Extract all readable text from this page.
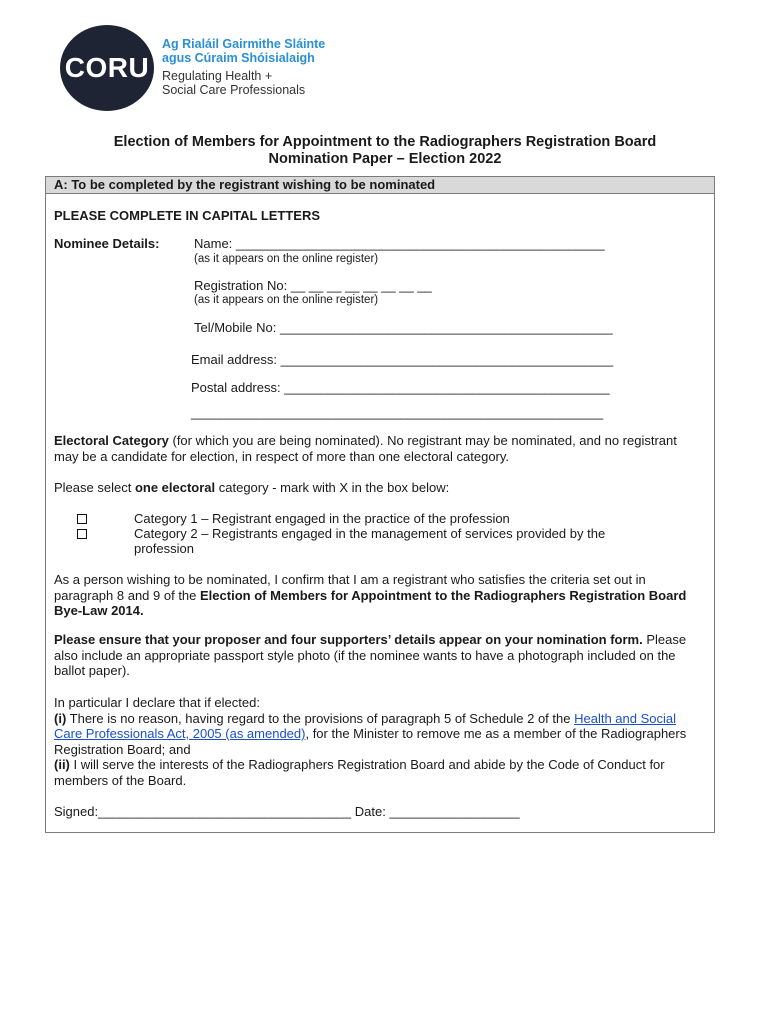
CORU
Ag Rialáil Gairmithe Sláinte
agus Cúraim Shóisialaigh
Regulating Health +
Social Care Professionals
Election of Members for Appointment to the Radiographers Registration Board
Nomination Paper – Election 2022
A: To be completed by the registrant wishing to be nominated
PLEASE COMPLETE IN CAPITAL LETTERS
Nominee Details:	Name: ___________________________________________________
(as it appears on the online register)
Registration No: __ __ __ __ __ __ __ __
(as it appears on the online register)
Tel/Mobile No: ______________________________________________
Email address: ______________________________________________
Postal address: _____________________________________________
_________________________________________________________
Electoral Category (for which you are being nominated). No registrant may be nominated, and no registrant may be a candidate for election, in respect of more than one electoral category.
Please select one electoral category - mark with X in the box below:
Category 1 – Registrant engaged in the practice of the profession
Category 2 – Registrants engaged in the management of services provided by the
profession
As a person wishing to be nominated, I confirm that I am a registrant who satisfies the criteria set out in paragraph 8 and 9 of the Election of Members for Appointment to the Radiographers Registration Board Bye-Law 2014.
Please ensure that your proposer and four supporters’ details appear on your nomination form. Please also include an appropriate passport style photo (if the nominee wants to have a photograph included on the ballot paper).
In particular I declare that if elected:
(i) There is no reason, having regard to the provisions of paragraph 5 of Schedule 2 of the Health and Social Care Professionals Act, 2005 (as amended), for the Minister to remove me as a member of the Radiographers Registration Board; and
(ii) I will serve the interests of the Radiographers Registration Board and abide by the Code of Conduct for members of the Board.
Signed:___________________________________ Date: __________________
